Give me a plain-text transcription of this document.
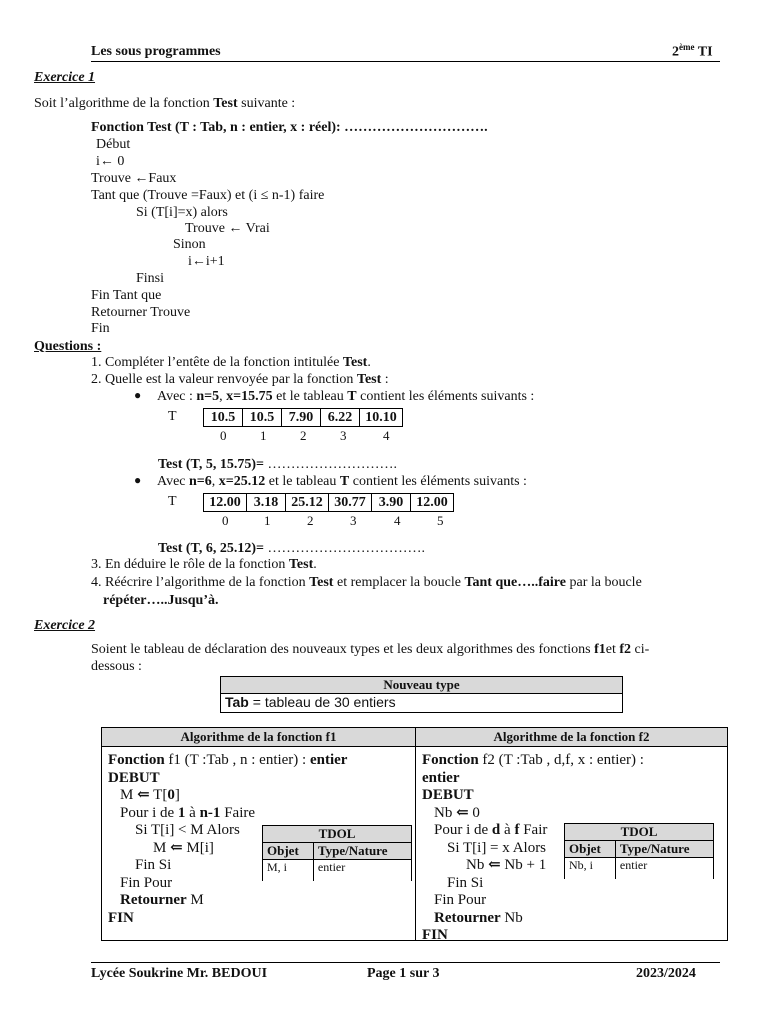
Les sous programmes	2ème TI
Exercice 1
Soit l’algorithme de la fonction Test suivante :
Fonction Test (T : Tab, n : entier, x : réel): ………………………….
Début
i← 0
Trouve ←Faux
Tant que (Trouve =Faux) et (i ≤ n-1) faire
Si (T[i]=x) alors
Trouve ← Vrai
Sinon
i←i+1
Finsi
Fin Tant que
Retourner Trouve
Fin
Questions :
1. Compléter l’entête de la fonction intitulée Test.
2. Quelle est la valeur renvoyée par la fonction Test :
● Avec : n=5, x=15.75 et le tableau T contient les éléments suivants :
T 10.5	10.5	7.90	6.22	10.10
0	1	2	3	4
Test (T, 5, 15.75)= ……………………….
● Avec n=6, x=25.12 et le tableau T contient les éléments suivants :
T 12.00	3.18	25.12	30.77	3.90	12.00
0	1	2	3	4	5
Test (T, 6, 25.12)= …………………………….
3. En déduire le rôle de la fonction Test.
4. Réécrire l’algorithme de la fonction Test et remplacer la boucle Tant que…..faire par la boucle
répéter…..Jusqu’à.
Exercice 2
Soient le tableau de déclaration des nouveaux types et les deux algorithmes des fonctions f1et f2 ci-
dessous :
Nouveau type
Tab = tableau de 30 entiers
Algorithme de la fonction f1	Algorithme de la fonction f2
Fonction f1 (T :Tab , n : entier) : entier
DEBUT
M ⇐ T[0]
Pour i de 1 à n-1 Faire
Si T[i] < M Alors
M ⇐ M[i]
Fin Si
Fin Pour
Retourner M
FIN
TDOL	
Objet	Type/Nature
M, i	entier

Fonction f2 (T :Tab , d,f, x : entier) :
entier
DEBUT
Nb ⇐ 0
Pour i de d à f Fair
Si T[i] = x Alors
Nb ⇐ Nb + 1
Fin Si
Fin Pour
Retourner Nb
FIN
TDOL	
Objet	Type/Nature
Nb, i	entier

Lycée Soukrine Mr. BEDOUI	Page 1 sur 3	2023/2024
